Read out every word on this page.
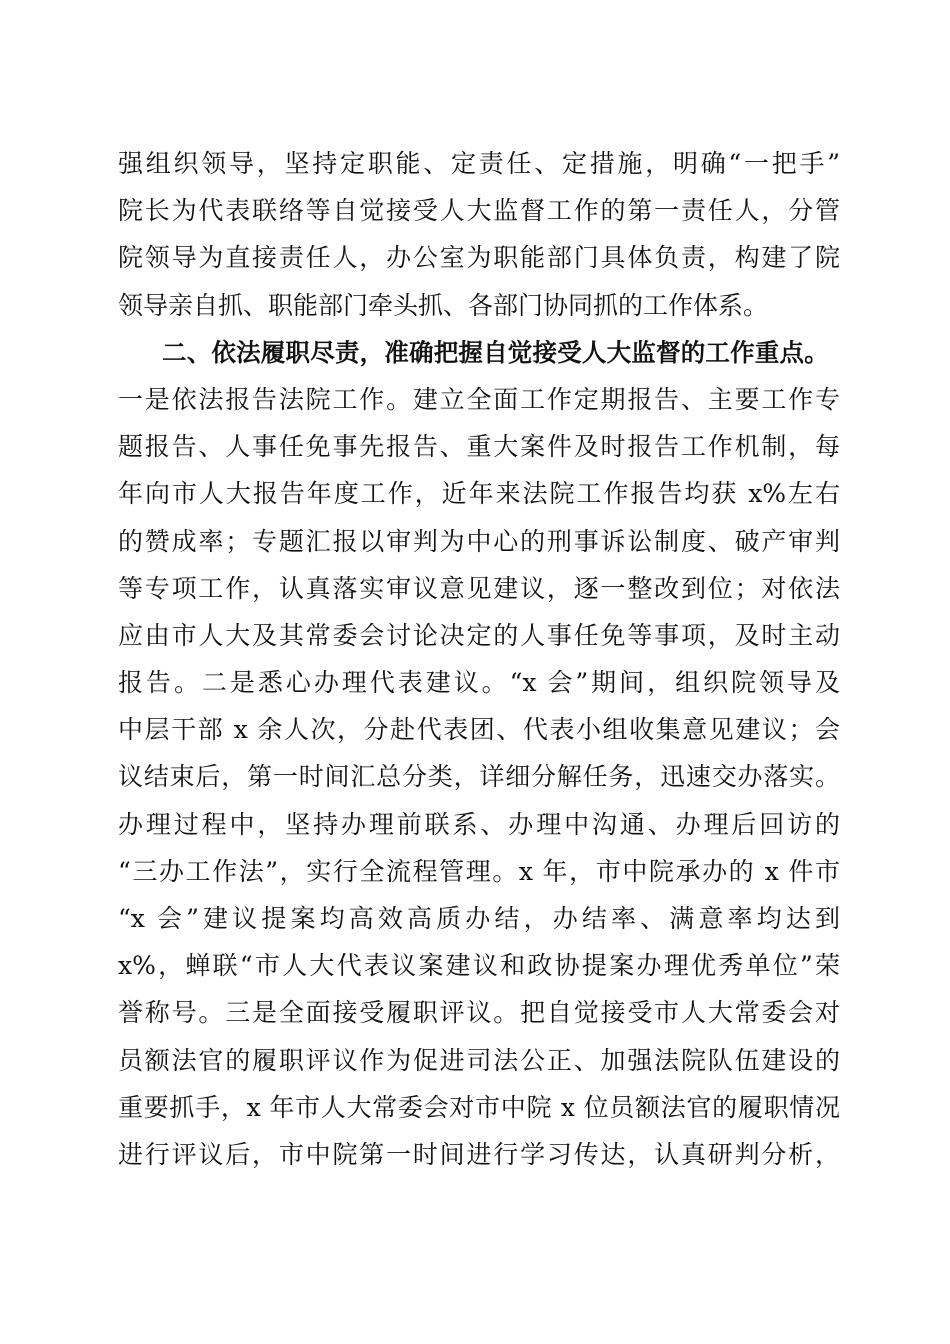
强组织领导，坚持定职能、定责任、定措施，明确“一把手”
院长为代表联络等自觉接受人大监督工作的第一责任人，分管
院领导为直接责任人，办公室为职能部门具体负责，构建了院
领导亲自抓、职能部门牵头抓、各部门协同抓的工作体系。
二、依法履职尽责，准确把握自觉接受人大监督的工作重点。
一是依法报告法院工作。建立全面工作定期报告、主要工作专
题报告、人事任免事先报告、重大案件及时报告工作机制，每
年向市人大报告年度工作，近年来法院工作报告均获 x%左右
的赞成率；专题汇报以审判为中心的刑事诉讼制度、破产审判
等专项工作，认真落实审议意见建议，逐一整改到位；对依法
应由市人大及其常委会讨论决定的人事任免等事项，及时主动
报告。二是悉心办理代表建议。“x 会”期间，组织院领导及
中层干部 x 余人次，分赴代表团、代表小组收集意见建议；会
议结束后，第一时间汇总分类，详细分解任务，迅速交办落实。
办理过程中，坚持办理前联系、办理中沟通、办理后回访的
“三办工作法”，实行全流程管理。x 年，市中院承办的 x 件市
“x 会”建议提案均高效高质办结，办结率、满意率均达到
x%，蝉联“市人大代表议案建议和政协提案办理优秀单位”荣
誉称号。三是全面接受履职评议。把自觉接受市人大常委会对
员额法官的履职评议作为促进司法公正、加强法院队伍建设的
重要抓手，x 年市人大常委会对市中院 x 位员额法官的履职情况
进行评议后，市中院第一时间进行学习传达，认真研判分析，
